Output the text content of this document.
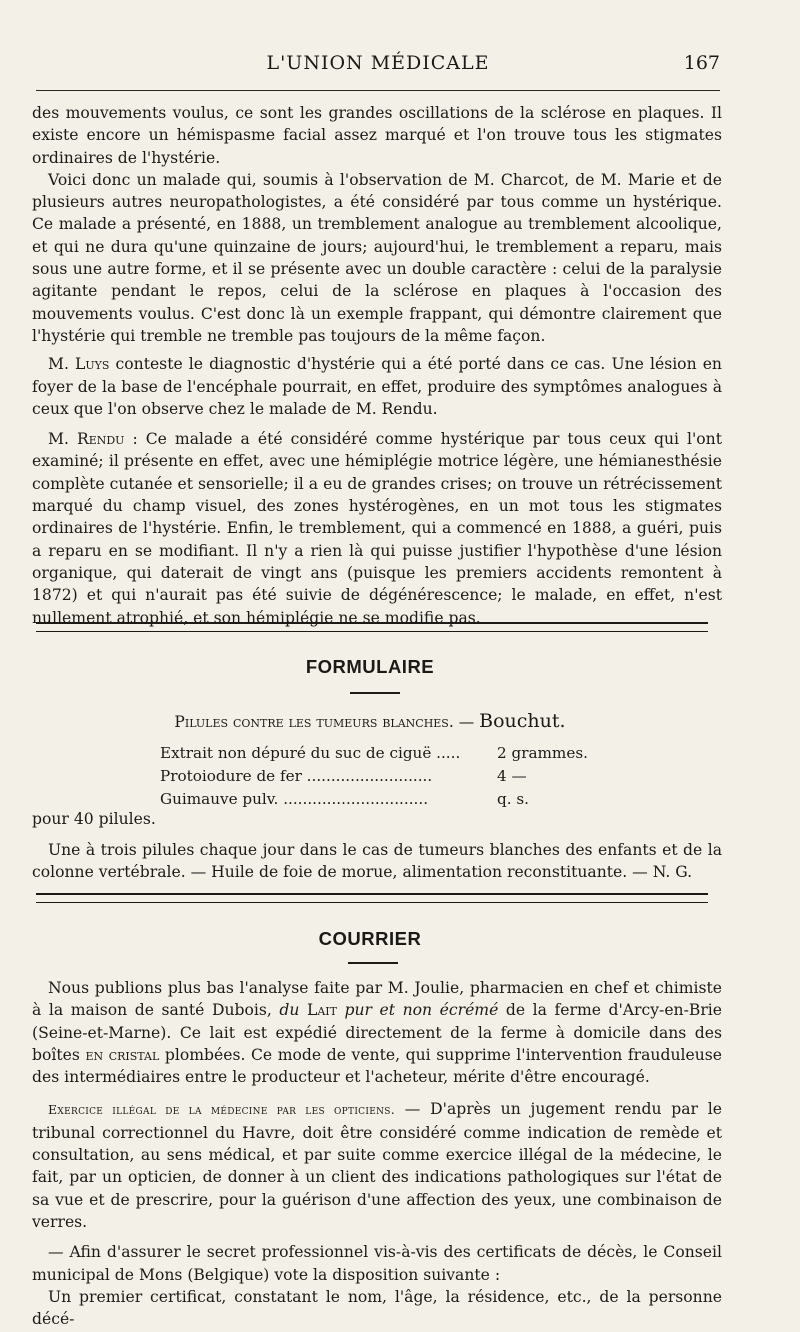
L'UNION MÉDICALE	167

des mouvements voulus, ce sont les grandes oscillations de la sclérose en plaques. Il existe encore un hémispasme facial assez marqué et l'on trouve tous les stigmates ordinaires de l'hystérie.

Voici donc un malade qui, soumis à l'observation de M. Charcot, de M. Marie et de plusieurs autres neuropathologistes, a été considéré par tous comme un hystérique. Ce malade a présenté, en 1888, un tremblement analogue au tremblement alcoolique, et qui ne dura qu'une quinzaine de jours; aujourd'hui, le tremblement a reparu, mais sous une autre forme, et il se présente avec un double caractère : celui de la paralysie agitante pendant le repos, celui de la sclérose en plaques à l'occasion des mouvements voulus. C'est donc là un exemple frappant, qui démontre clairement que l'hystérie qui tremble ne tremble pas toujours de la même façon.

M. Luys conteste le diagnostic d'hystérie qui a été porté dans ce cas. Une lésion en foyer de la base de l'encéphale pourrait, en effet, produire des symptômes analogues à ceux que l'on observe chez le malade de M. Rendu.

M. Rendu : Ce malade a été considéré comme hystérique par tous ceux qui l'ont examiné; il présente en effet, avec une hémiplégie motrice légère, une hémianesthésie complète cutanée et sensorielle; il a eu de grandes crises; on trouve un rétrécissement marqué du champ visuel, des zones hystérogènes, en un mot tous les stigmates ordinaires de l'hystérie. Enfin, le tremblement, qui a commencé en 1888, a guéri, puis a reparu en se modifiant. Il n'y a rien là qui puisse justifier l'hypothèse d'une lésion organique, qui daterait de vingt ans (puisque les premiers accidents remontent à 1872) et qui n'aurait pas été suivie de dégénérescence; le malade, en effet, n'est nullement atrophié, et son hémiplégie ne se modifie pas.

FORMULAIRE
Pilules contre les tumeurs blanches. — Bouchut.
Extrait non dépuré du suc de ciguë .....	2 grammes.
Protoiodure de fer ..........................	4 —
Guimauve pulv. ..............................	q. s.
pour 40 pilules.

Une à trois pilules chaque jour dans le cas de tumeurs blanches des enfants et de la colonne vertébrale. — Huile de foie de morue, alimentation reconstituante. — N. G.

COURRIER

Nous publions plus bas l'analyse faite par M. Joulie, pharmacien en chef et chimiste à la maison de santé Dubois, du Lait pur et non écrémé de la ferme d'Arcy-en-Brie (Seine-et-Marne). Ce lait est expédié directement de la ferme à domicile dans des boîtes en cristal plombées. Ce mode de vente, qui supprime l'intervention frauduleuse des intermédiaires entre le producteur et l'acheteur, mérite d'être encouragé.

Exercice illégal de la médecine par les opticiens. — D'après un jugement rendu par le tribunal correctionnel du Havre, doit être considéré comme indication de remède et consultation, au sens médical, et par suite comme exercice illégal de la médecine, le fait, par un opticien, de donner à un client des indications pathologiques sur l'état de sa vue et de prescrire, pour la guérison d'une affection des yeux, une combinaison de verres.

— Afin d'assurer le secret professionnel vis-à-vis des certificats de décès, le Conseil municipal de Mons (Belgique) vote la disposition suivante :

Un premier certificat, constatant le nom, l'âge, la résidence, etc., de la personne décé-
